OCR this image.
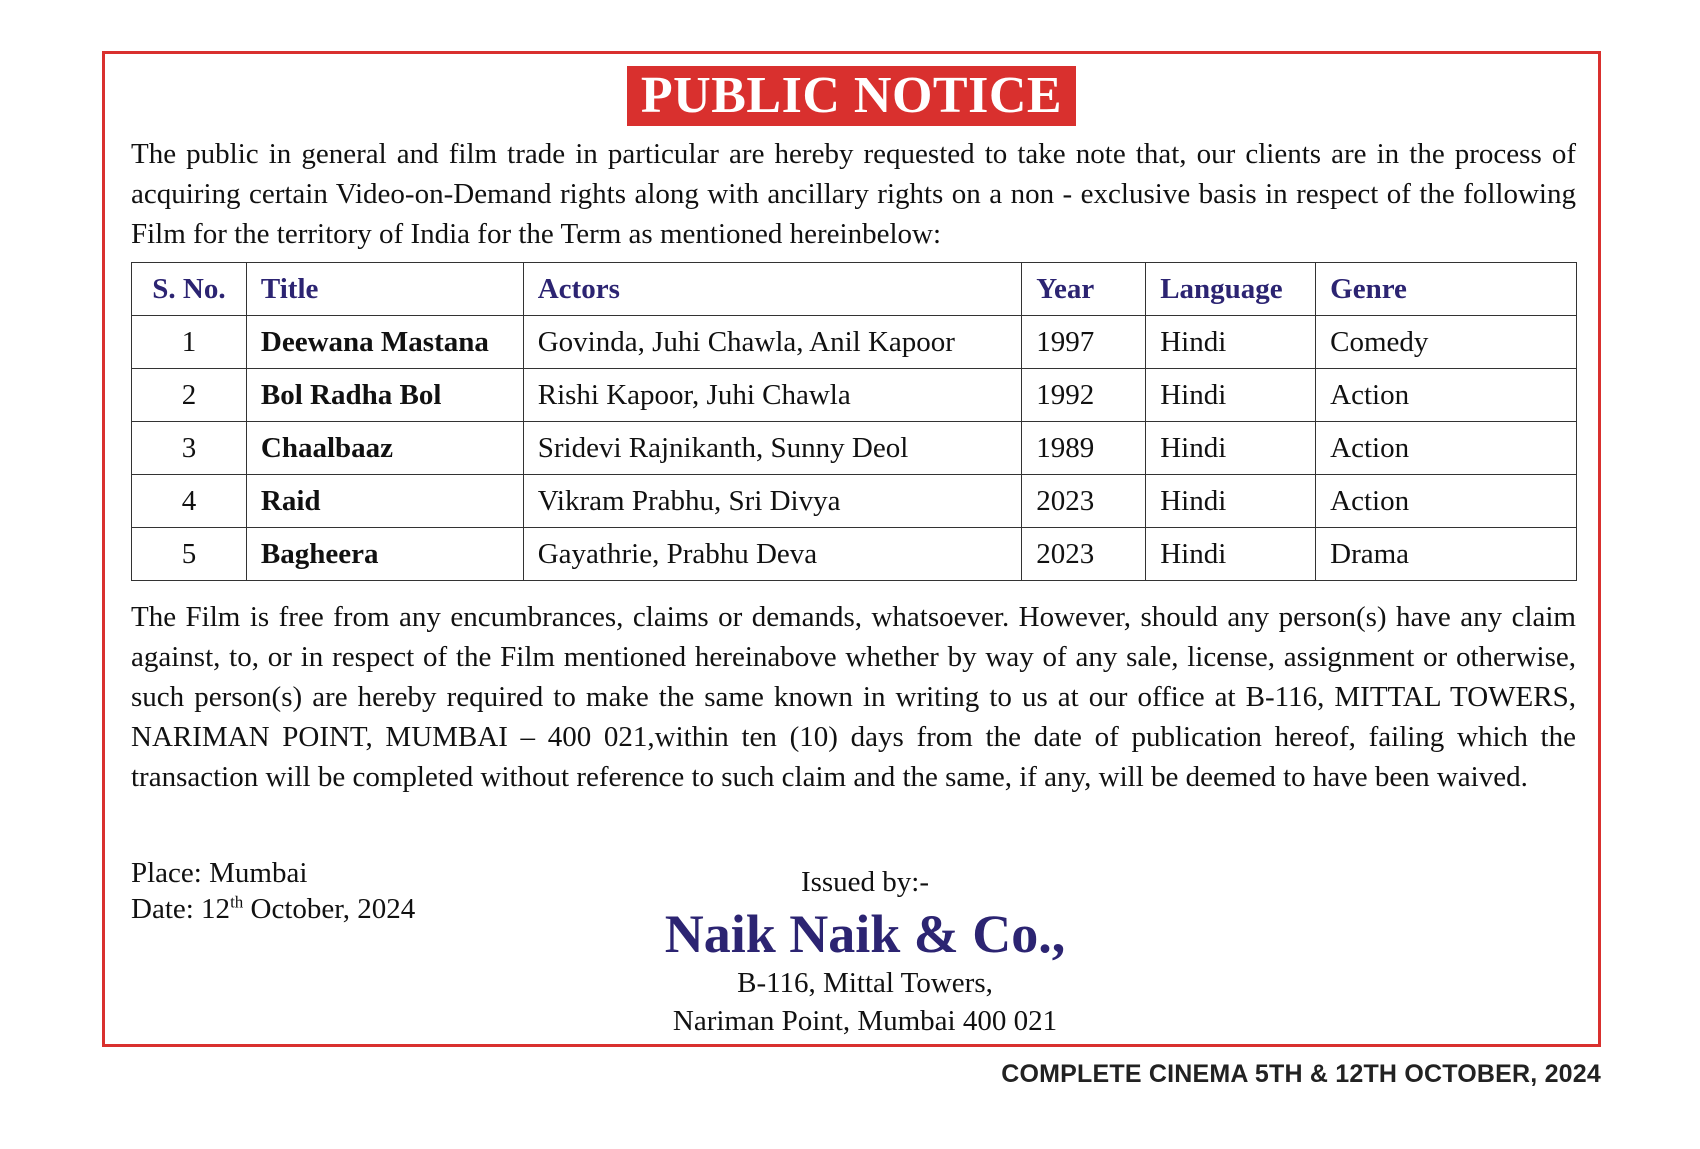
PUBLIC NOTICE
The public in general and film trade in particular are hereby requested to take note that, our clients are in the process of acquiring certain Video-on-Demand rights along with ancillary rights on a non - exclusive basis in respect of the following Film for the territory of India for the Term as mentioned hereinbelow:
S. No.	Title	Actors	Year	Language	Genre
1	Deewana Mastana	Govinda, Juhi Chawla, Anil Kapoor	1997	Hindi	Comedy
2	Bol Radha Bol	Rishi Kapoor, Juhi Chawla	1992	Hindi	Action
3	Chaalbaaz	Sridevi Rajnikanth, Sunny Deol	1989	Hindi	Action
4	Raid	Vikram Prabhu, Sri Divya	2023	Hindi	Action
5	Bagheera	Gayathrie, Prabhu Deva	2023	Hindi	Drama
The Film is free from any encumbrances, claims or demands, whatsoever. However, should any person(s) have any claim against, to, or in respect of the Film mentioned hereinabove whether by way of any sale, license, assignment or otherwise, such person(s) are hereby required to make the same known in writing to us at our office at B-116, MITTAL TOWERS, NARIMAN POINT, MUMBAI – 400 021,within ten (10) days from the date of publication hereof, failing which the transaction will be completed without reference to such claim and the same, if any, will be deemed to have been waived.
Place: Mumbai
Date: 12th October, 2024
Issued by:-
Naik Naik & Co.,
B-116, Mittal Towers,
Nariman Point, Mumbai 400 021
COMPLETE CINEMA 5TH & 12TH OCTOBER, 2024
